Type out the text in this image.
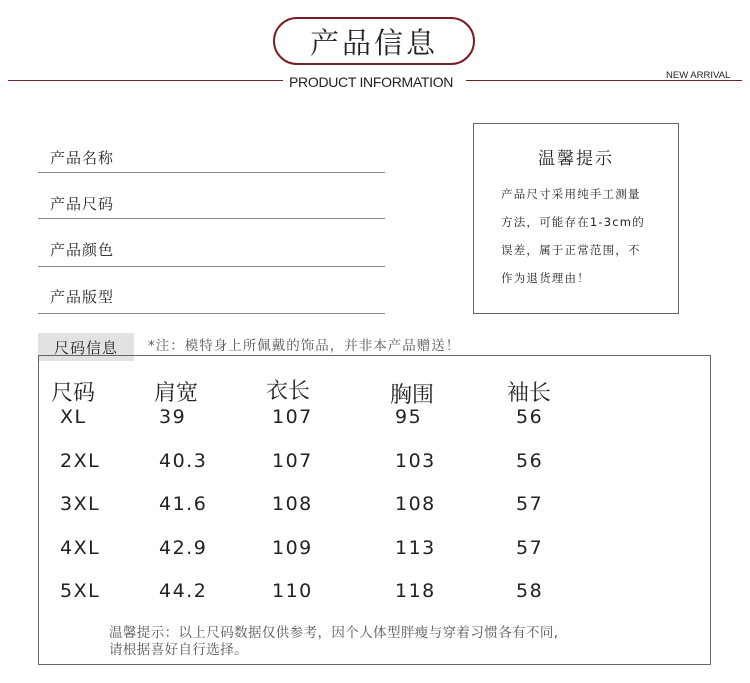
产品信息
PRODUCT INFORMATION	NEW ARRIVAL
产品名称
产品尺码
产品颜色
产品版型
温馨提示
产品尺寸采用纯手工测量
方法，可能存在1-3cm的
误差，属于正常范围，不
作为退货理由！
尺码信息	*注：模特身上所佩戴的饰品，并非本产品赠送！
尺码	肩宽	衣长	胸围	袖长
XL	39	107	95	56
2XL	40.3	107	103	56
3XL	41.6	108	108	57
4XL	42.9	109	113	57
5XL	44.2	110	118	58
温馨提示：以上尺码数据仅供参考，因个人体型胖瘦与穿着习惯各有不同,
请根据喜好自行选择。
